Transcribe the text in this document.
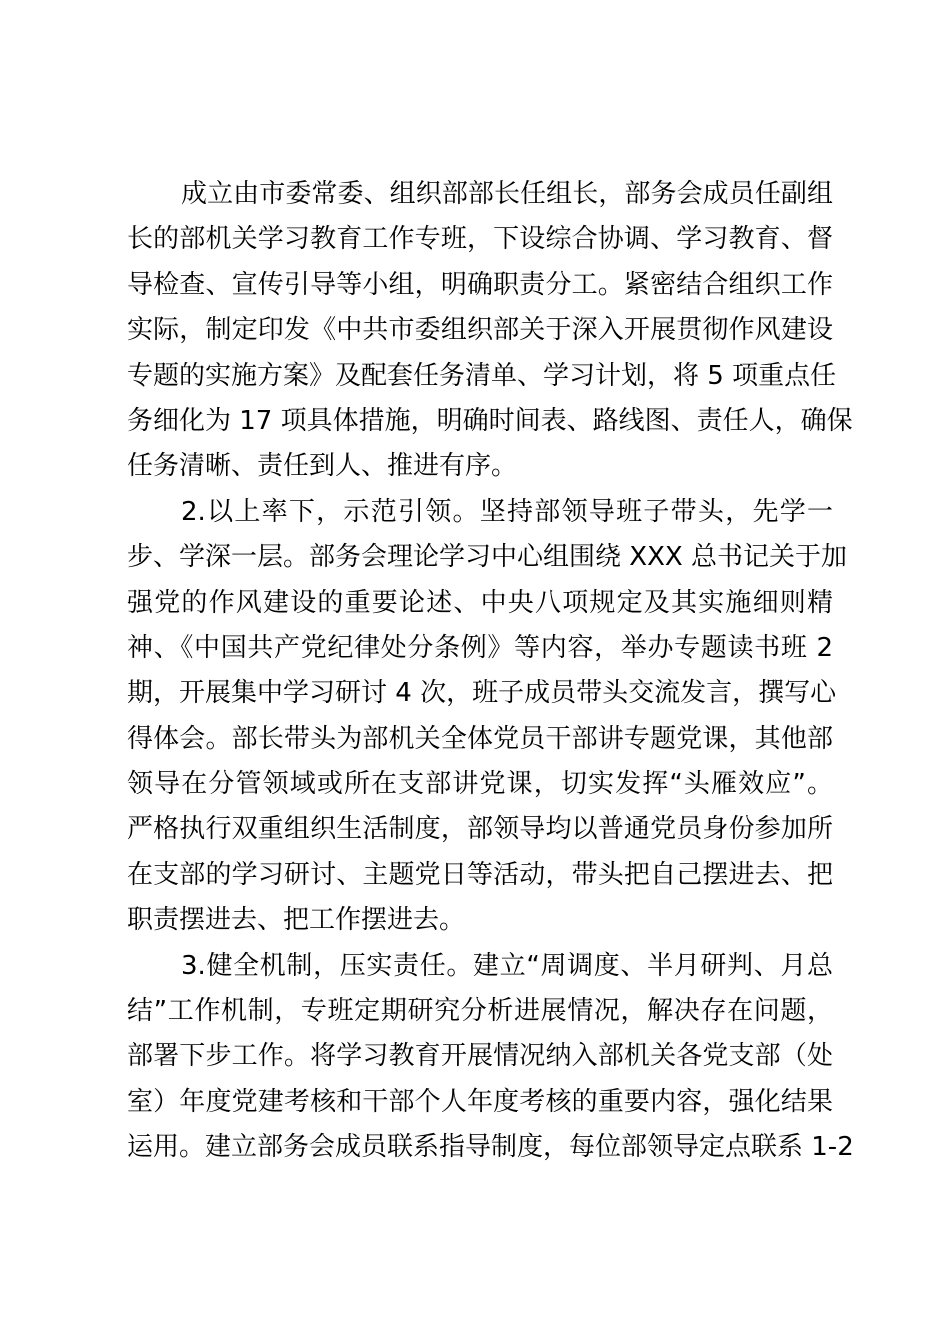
成立由市委常委、组织部部长任组长，部务会成员任副组
长的部机关学习教育工作专班，下设综合协调、学习教育、督
导检查、宣传引导等小组，明确职责分工。紧密结合组织工作
实际，制定印发《中共市委组织部关于深入开展贯彻作风建设
专题的实施方案》及配套任务清单、学习计划，将 5 项重点任
务细化为 17 项具体措施，明确时间表、路线图、责任人，确保
任务清晰、责任到人、推进有序。
2.以上率下，示范引领。坚持部领导班子带头，先学一
步、学深一层。部务会理论学习中心组围绕 XXX 总书记关于加
强党的作风建设的重要论述、中央八项规定及其实施细则精
神、《中国共产党纪律处分条例》等内容，举办专题读书班 2
期，开展集中学习研讨 4 次，班子成员带头交流发言，撰写心
得体会。部长带头为部机关全体党员干部讲专题党课，其他部
领导在分管领域或所在支部讲党课，切实发挥“头雁效应”。
严格执行双重组织生活制度，部领导均以普通党员身份参加所
在支部的学习研讨、主题党日等活动，带头把自己摆进去、把
职责摆进去、把工作摆进去。
3.健全机制，压实责任。建立“周调度、半月研判、月总
结”工作机制，专班定期研究分析进展情况，解决存在问题，
部署下步工作。将学习教育开展情况纳入部机关各党支部（处
室）年度党建考核和干部个人年度考核的重要内容，强化结果
运用。建立部务会成员联系指导制度，每位部领导定点联系 1-2
